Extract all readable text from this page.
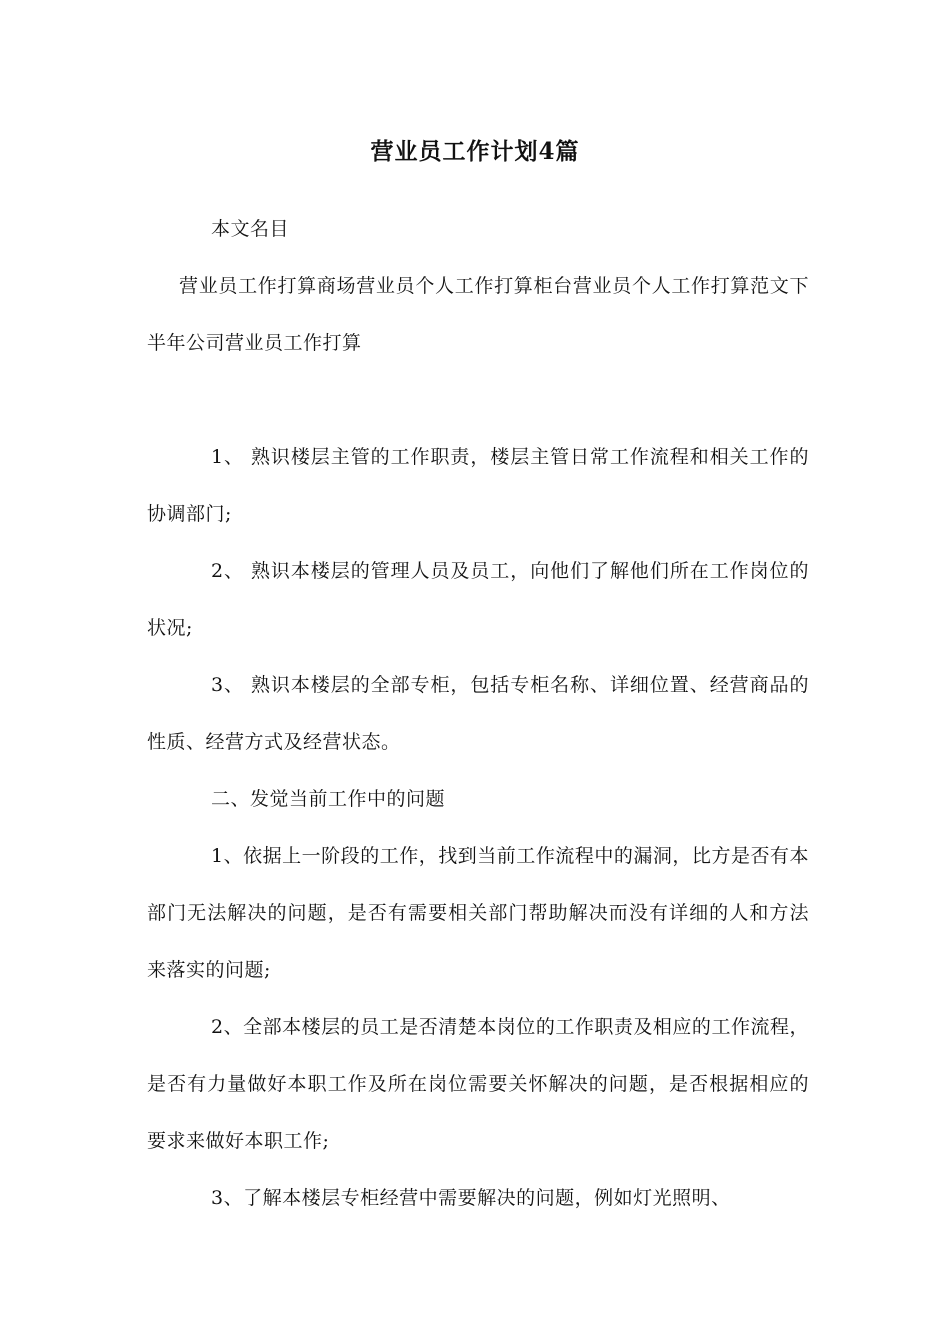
营业员工作计划4篇

本文名目

营业员工作打算商场营业员个人工作打算柜台营业员个人工作打算范文下半年公司营业员工作打算

1、 熟识楼层主管的工作职责，楼层主管日常工作流程和相关工作的协调部门;

2、 熟识本楼层的管理人员及员工，向他们了解他们所在工作岗位的状况;

3、 熟识本楼层的全部专柜，包括专柜名称、详细位置、经营商品的性质、经营方式及经营状态。

二、发觉当前工作中的问题

1、依据上一阶段的工作，找到当前工作流程中的漏洞，比方是否有本部门无法解决的问题，是否有需要相关部门帮助解决而没有详细的人和方法来落实的问题;

2、全部本楼层的员工是否清楚本岗位的工作职责及相应的工作流程，是否有力量做好本职工作及所在岗位需要关怀解决的问题，是否根据相应的要求来做好本职工作;

3、了解本楼层专柜经营中需要解决的问题，例如灯光照明、
